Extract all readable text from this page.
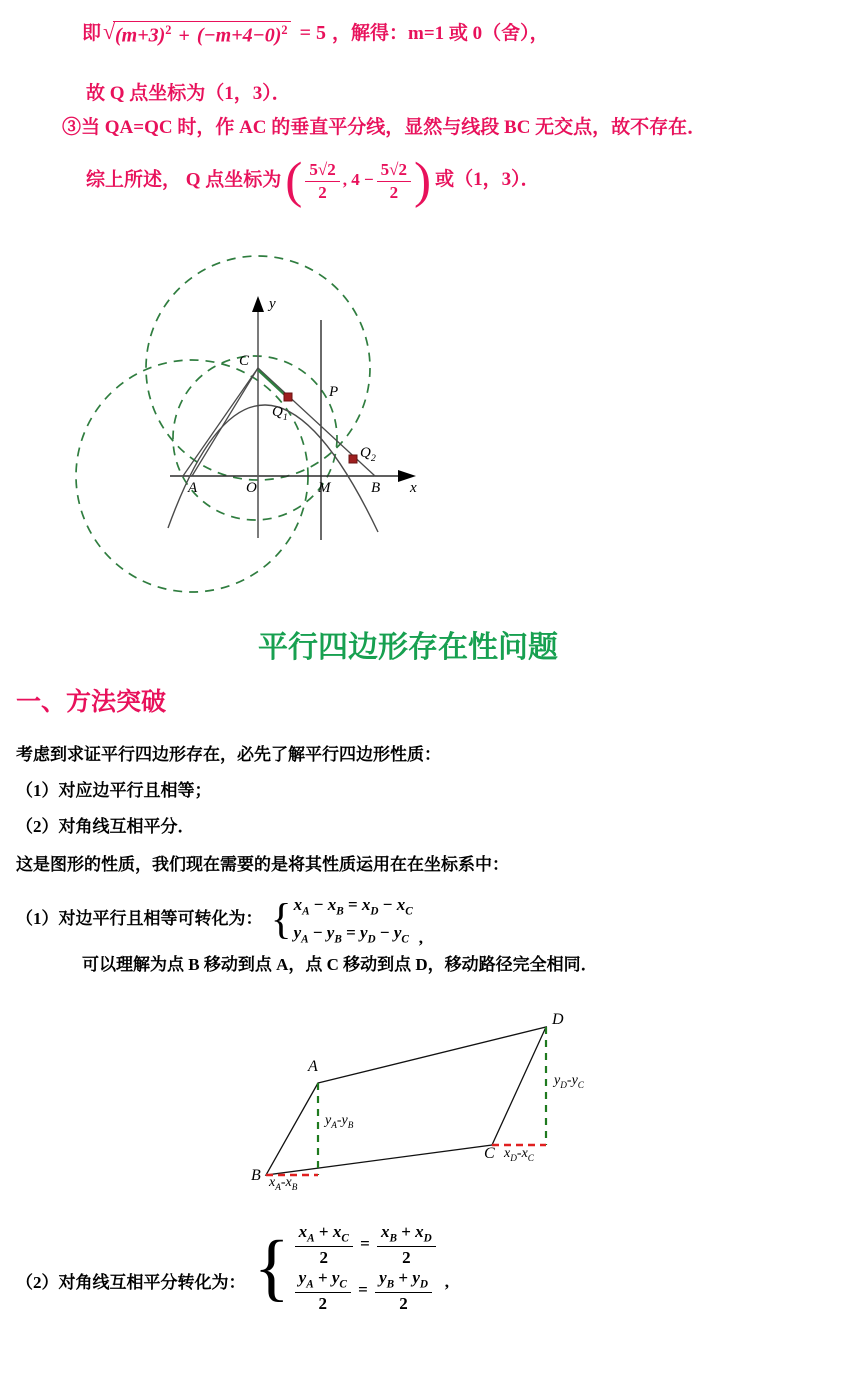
即 √ $(m+3)^2 + (-m+4-0)^2 = 5$ ，解得：m=1 或 0（舍），
故 Q 点坐标为（1，3）．
③当 QA=QC 时，作 AC 的垂直平分线，显然与线段 BC 无交点，故不存在．
综上所述， Q 点坐标为 ( $\frac{5√2}{2}$ , $4 - \frac{5√2}{2}$ ) 或（1，3）．
y
x
C
P
A	O	M	B
$Q_1$
$Q_2$
平行四边形存在性问题
一、方法突破
考虑到求证平行四边形存在，必先了解平行四边形性质：
（1）对应边平行且相等；
（2）对角线互相平分．
这是图形的性质，我们现在需要的是将其性质运用在在坐标系中：
（1）对边平行且相等可转化为： { $x_A - x_B = x_D - x_C$
$y_A - y_B = y_D - y_C$ ,
可以理解为点 B 移动到点 A，点 C 移动到点 D，移动路径完全相同．
A
B
C
D
$y_A-y_B$
$y_D-y_C$
$x_A-x_B$
$x_D-x_C$
（2）对角线互相平分转化为： { $\frac{x_A + x_C}{2} = \frac{x_B + x_D}{2}$
$\frac{y_A + y_C}{2} = \frac{y_B + y_D}{2}$ ,
